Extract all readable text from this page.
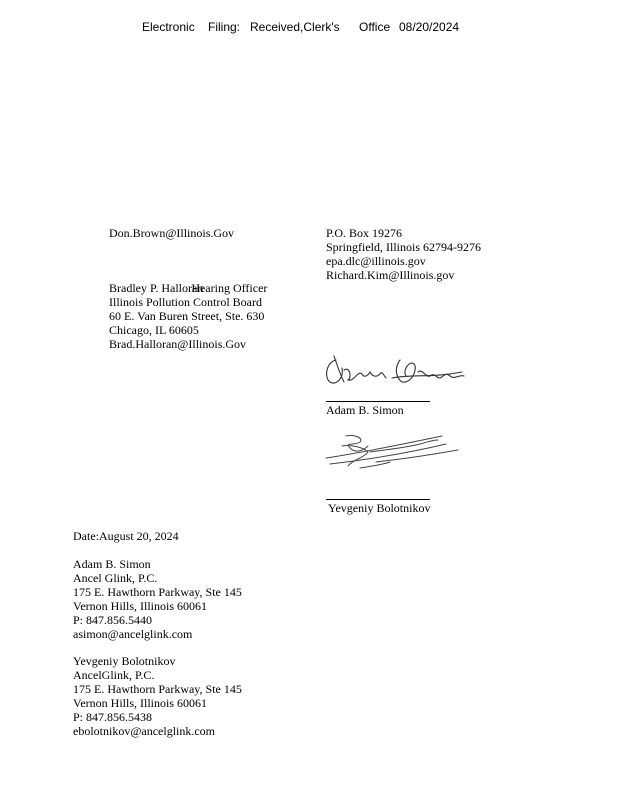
Electronic Filing: Received,Clerk's Office 08/20/2024
Don.Brown@Illinois.Gov
Bradley P. HalloranHearing Officer
Illinois Pollution Control Board
60 E. Van Buren Street, Ste. 630
Chicago, IL 60605
Brad.Halloran@Illinois.Gov
P.O. Box 19276
Springfield, Illinois 62794-9276
epa.dlc@illinois.gov
Richard.Kim@Illinois.gov
Adam B. Simon
Yevgeniy Bolotnikov
Date:August 20, 2024
Adam B. Simon
Ancel Glink, P.C.
175 E. Hawthorn Parkway, Ste 145
Vernon Hills, Illinois 60061
P: 847.856.5440
asimon@ancelglink.com
Yevgeniy Bolotnikov
AncelGlink, P.C.
175 E. Hawthorn Parkway, Ste 145
Vernon Hills, Illinois 60061
P: 847.856.5438
ebolotnikov@ancelglink.com
